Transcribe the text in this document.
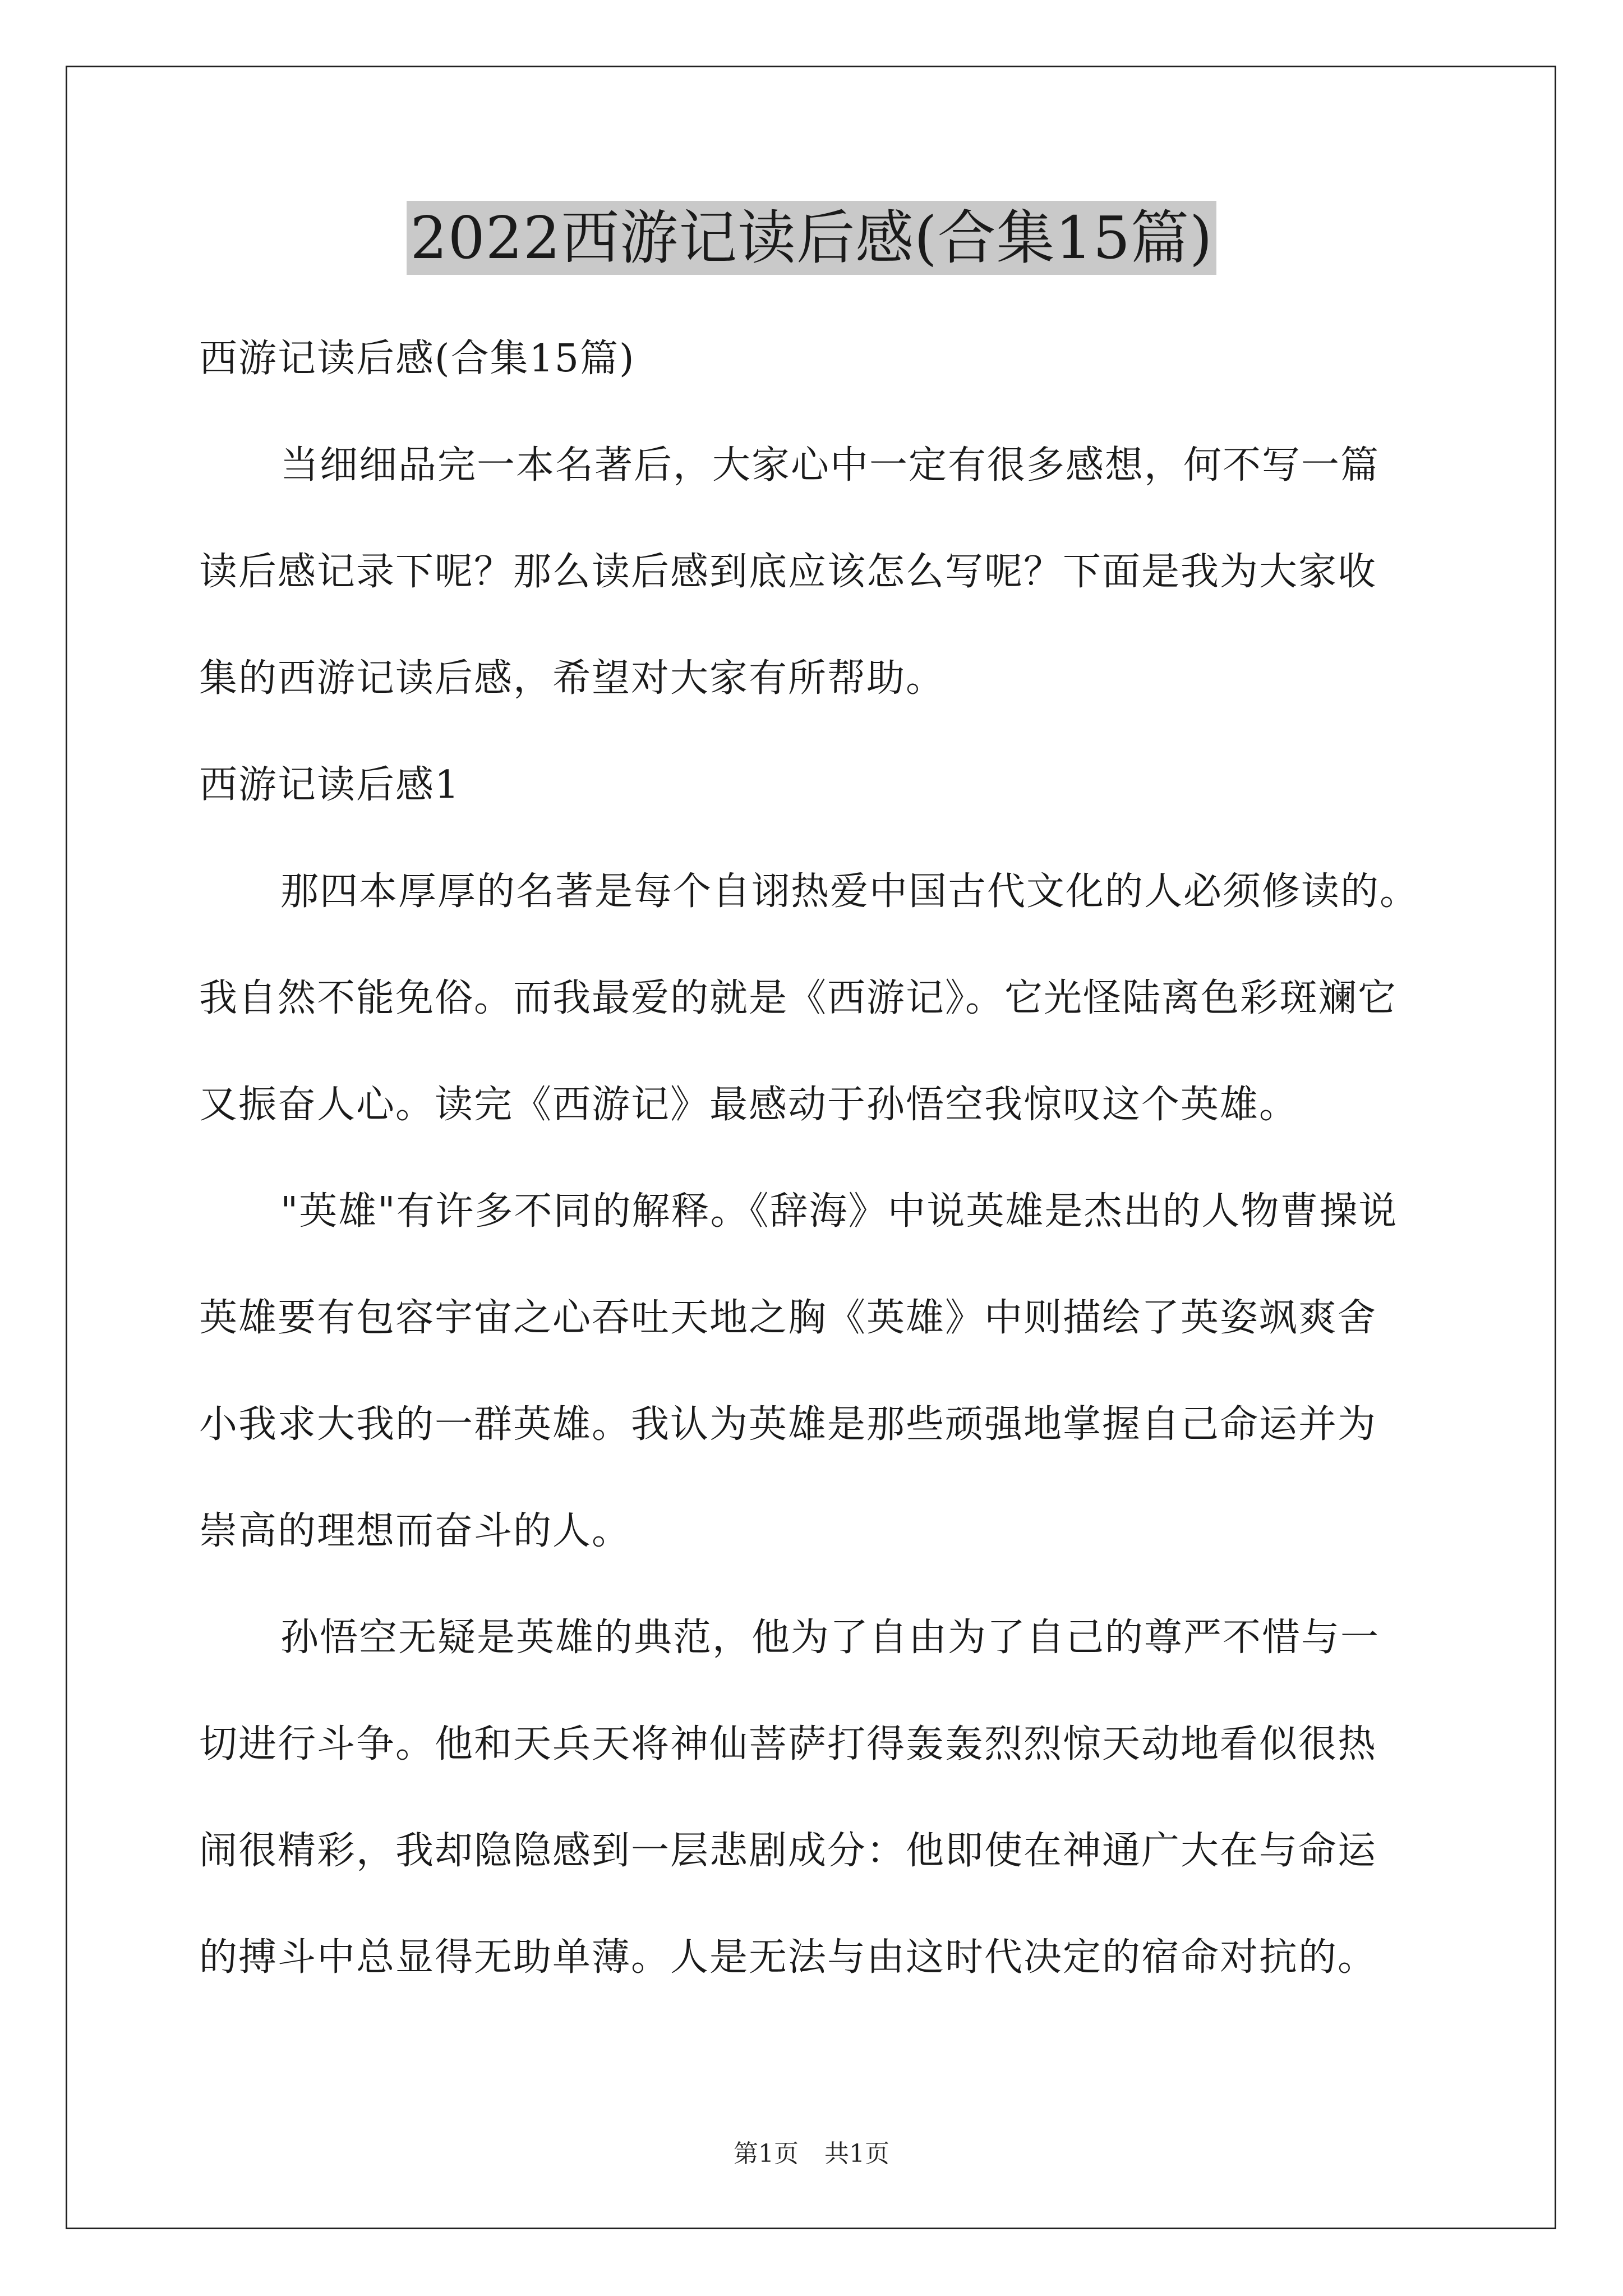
2022西游记读后感(合集15篇)
西游记读后感(合集15篇)
当细细品完一本名著后，大家心中一定有很多感想，何不写一篇
读后感记录下呢？那么读后感到底应该怎么写呢？下面是我为大家收
集的西游记读后感，希望对大家有所帮助。
西游记读后感1
那四本厚厚的名著是每个自诩热爱中国古代文化的人必须修读的。
我自然不能免俗。而我最爱的就是《西游记》。它光怪陆离色彩斑斓它
又振奋人心。读完《西游记》最感动于孙悟空我惊叹这个英雄。
"英雄"有许多不同的解释。《辞海》中说英雄是杰出的人物曹操说
英雄要有包容宇宙之心吞吐天地之胸《英雄》中则描绘了英姿飒爽舍
小我求大我的一群英雄。我认为英雄是那些顽强地掌握自己命运并为
崇高的理想而奋斗的人。
孙悟空无疑是英雄的典范，他为了自由为了自己的尊严不惜与一
切进行斗争。他和天兵天将神仙菩萨打得轰轰烈烈惊天动地看似很热
闹很精彩，我却隐隐感到一层悲剧成分：他即使在神通广大在与命运
的搏斗中总显得无助单薄。人是无法与由这时代决定的宿命对抗的。
第1页 共1页
